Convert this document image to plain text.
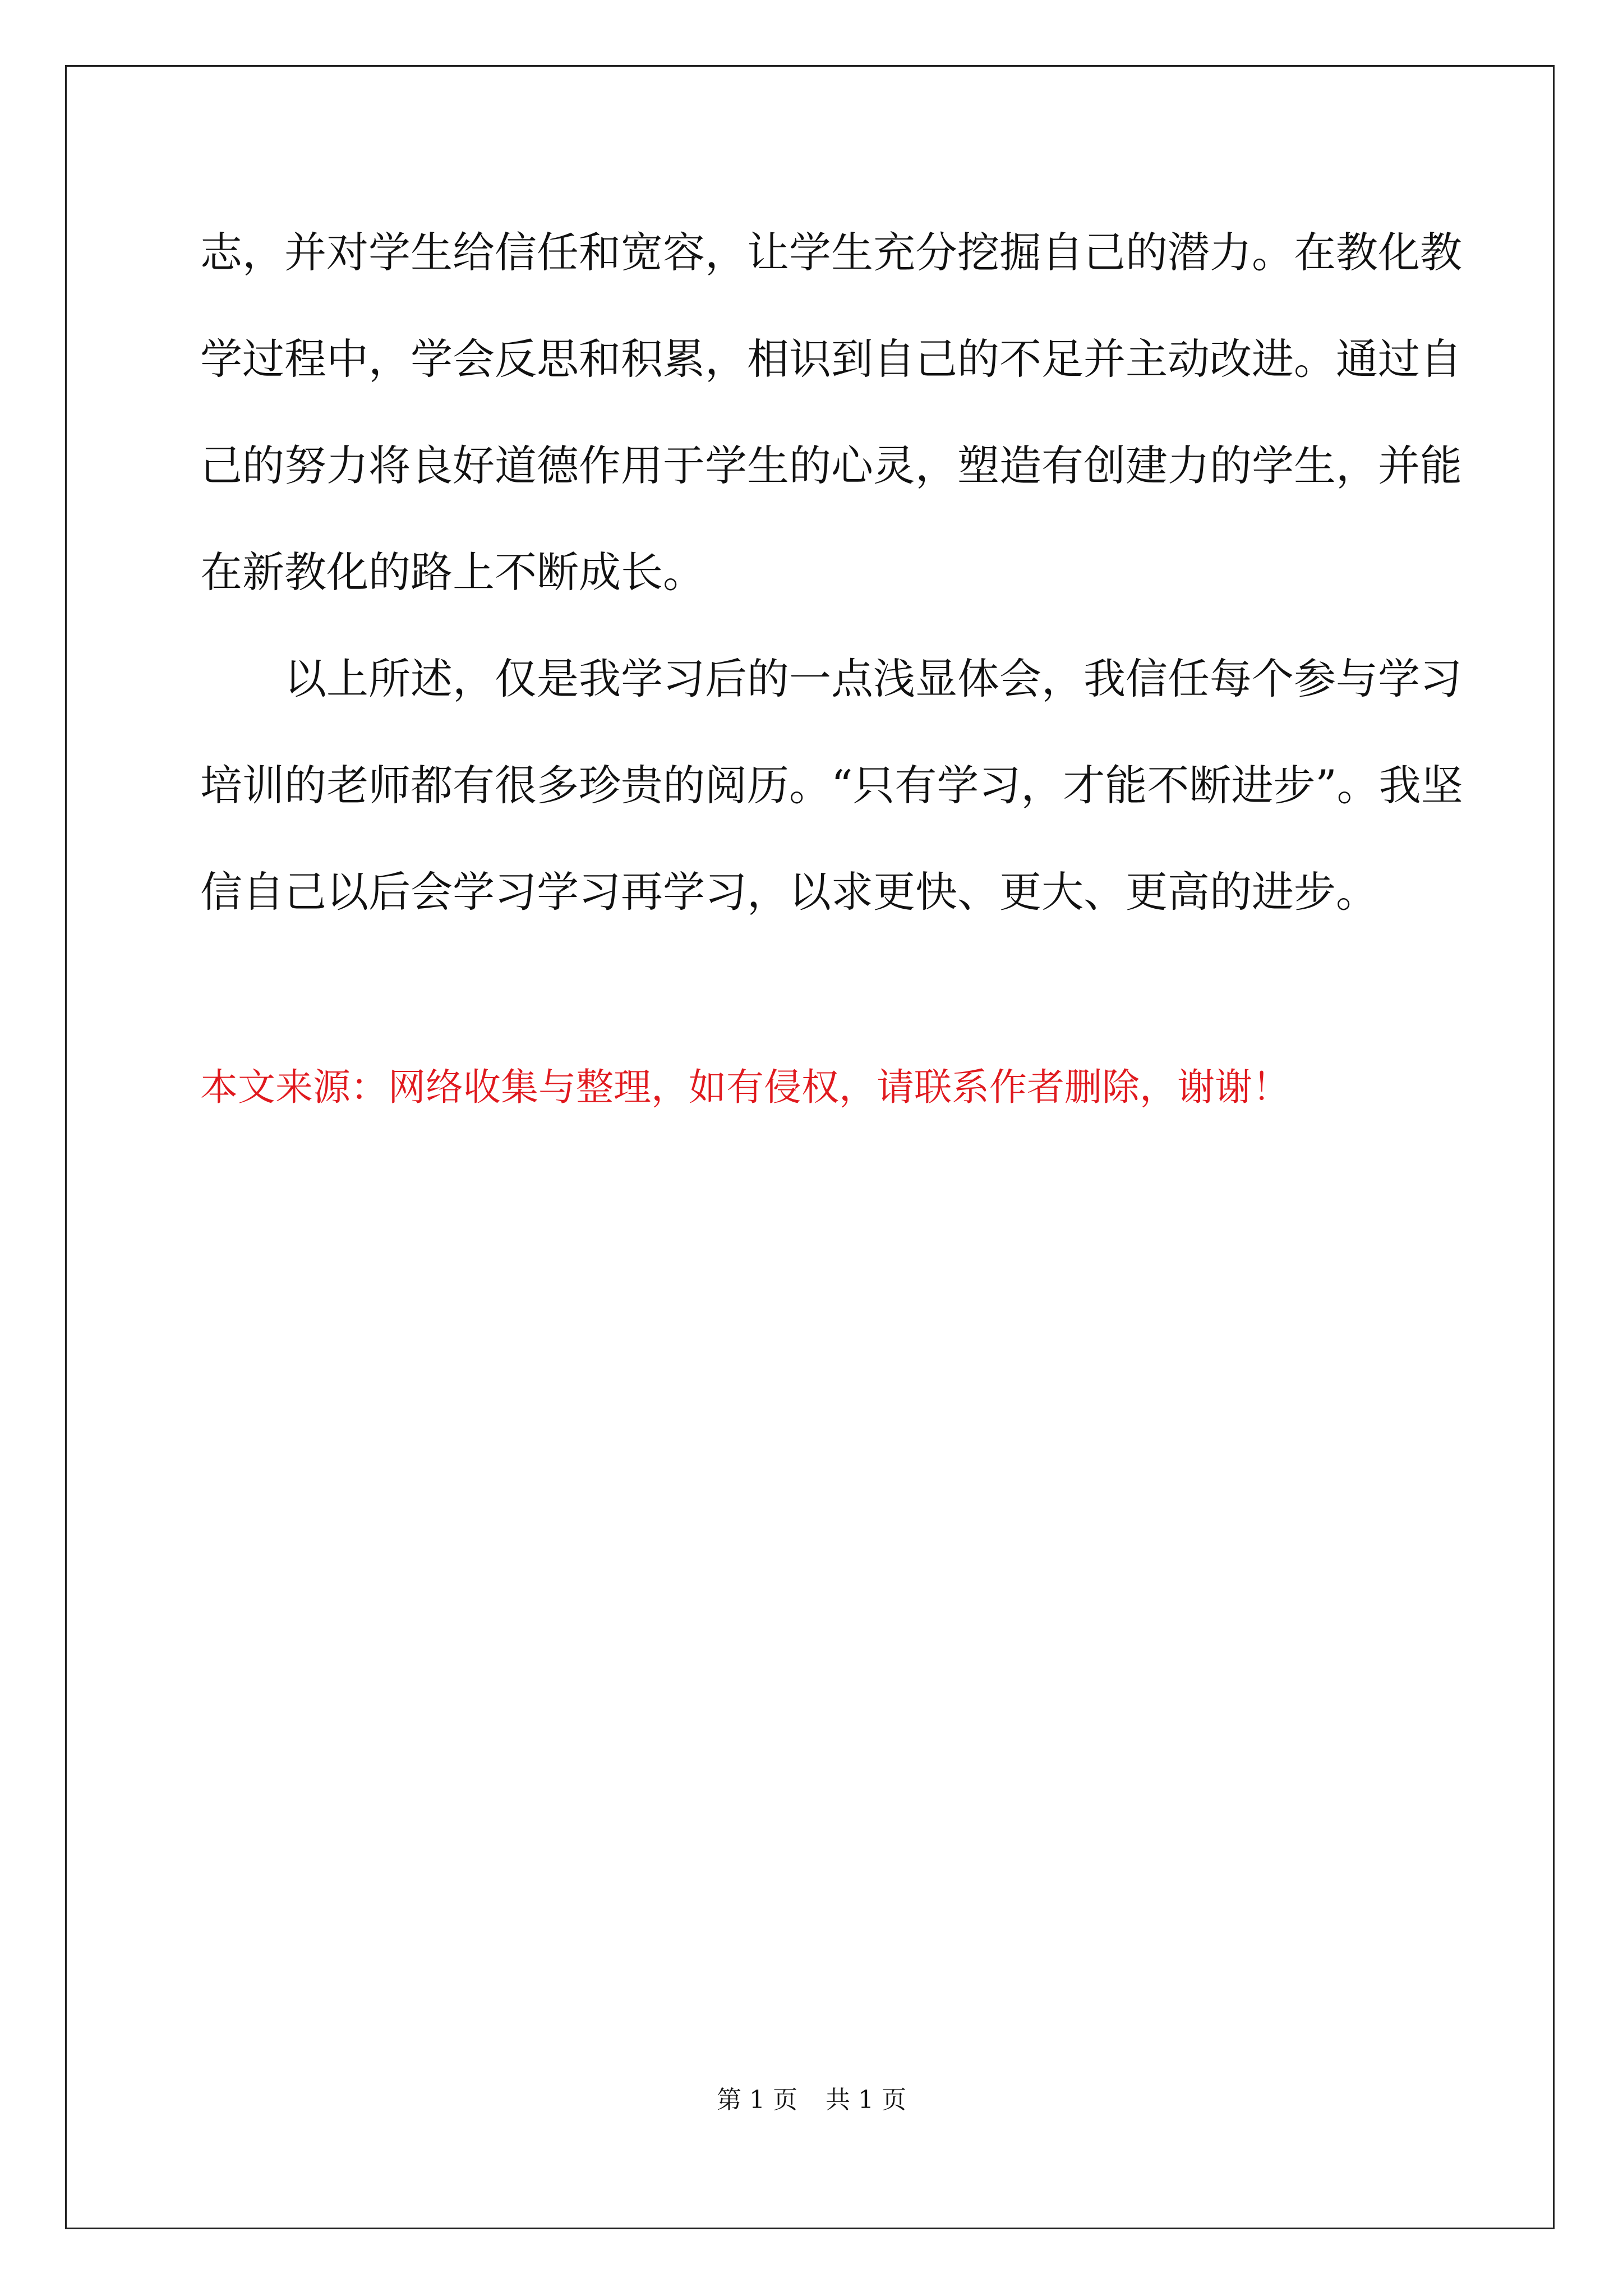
志，并对学生给信任和宽容，让学生充分挖掘自己的潜力。在教化教
学过程中，学会反思和积累，相识到自己的不足并主动改进。通过自
己的努力将良好道德作用于学生的心灵，塑造有创建力的学生，并能
在新教化的路上不断成长。
以上所述，仅是我学习后的一点浅显体会，我信任每个参与学习
培训的老师都有很多珍贵的阅历。“只有学习，才能不断进步”。我坚
信自己以后会学习学习再学习，以求更快、更大、更高的进步。
本文来源：网络收集与整理，如有侵权，请联系作者删除，谢谢！
第 1 页 共 1 页
